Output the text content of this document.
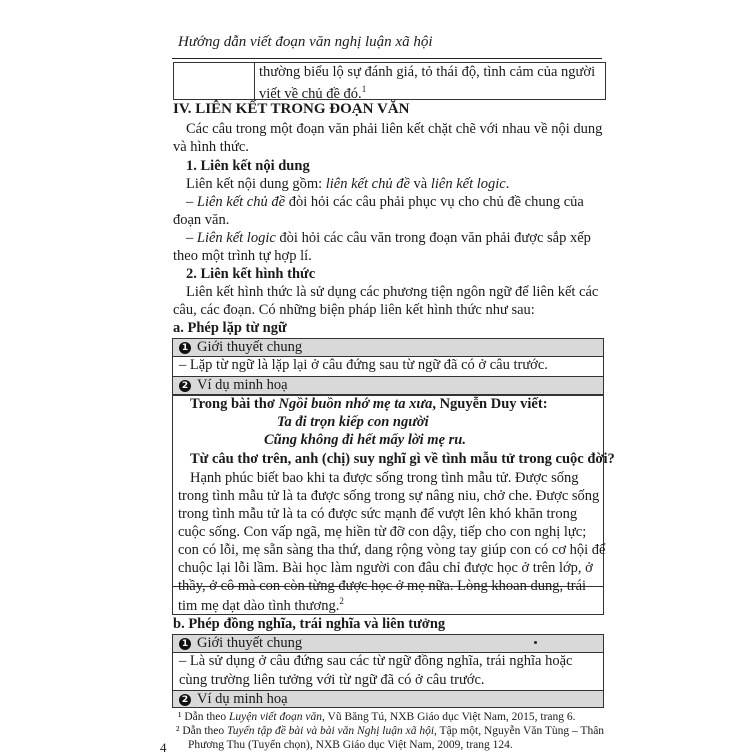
Hướng dẫn viết đoạn văn nghị luận xã hội
thường biểu lộ sự đánh giá, tỏ thái độ, tình cảm của người
viết về chủ đề đó.$^1$
IV. LIÊN KẾT TRONG ĐOẠN VĂN
Các câu trong một đoạn văn phải liên kết chặt chẽ với nhau về nội dung
và hình thức.
1. Liên kết nội dung
Liên kết nội dung gồm: liên kết chủ đề và liên kết logic.
– Liên kết chủ đề đòi hỏi các câu phải phục vụ cho chủ đề chung của
đoạn văn.
– Liên kết logic đòi hỏi các câu văn trong đoạn văn phải được sắp xếp
theo một trình tự hợp lí.
2. Liên kết hình thức
Liên kết hình thức là sử dụng các phương tiện ngôn ngữ để liên kết các
câu, các đoạn. Có những biện pháp liên kết hình thức như sau:
a. Phép lặp từ ngữ
1 Giới thuyết chung
– Lặp từ ngữ là lặp lại ở câu đứng sau từ ngữ đã có ở câu trước.
2 Ví dụ minh hoạ
Trong bài thơ Ngồi buồn nhớ mẹ ta xưa, Nguyễn Duy viết:
Ta đi trọn kiếp con người
Cũng không đi hết mấy lời mẹ ru.
Từ câu thơ trên, anh (chị) suy nghĩ gì về tình mẫu tử trong cuộc đời?
Hạnh phúc biết bao khi ta được sống trong tình mẫu tử. Được sống
trong tình mẫu tử là ta được sống trong sự nâng niu, chở che. Được sống
trong tình mẫu tử là ta có được sức mạnh để vượt lên khó khăn trong
cuộc sống. Con vấp ngã, mẹ hiền từ đỡ con dậy, tiếp cho con nghị lực;
con có lỗi, mẹ sẵn sàng tha thứ, dang rộng vòng tay giúp con có cơ hội để
chuộc lại lỗi lầm. Bài học làm người con đâu chỉ được học ở trên lớp, ở
thầy, ở cô mà con còn từng được học ở mẹ nữa. Lòng khoan dung, trái
tim mẹ dạt dào tình thương.$^2$
b. Phép đồng nghĩa, trái nghĩa và liên tưởng
1 Giới thuyết chung
– Là sử dụng ở câu đứng sau các từ ngữ đồng nghĩa, trái nghĩa hoặc
¹ Dẫn theo Luyện viết đoạn văn, Vũ Băng Tú, NXB Giáo dục Việt Nam, 2015, trang 6.
² Dẫn theo Tuyển tập đề bài và bài văn Nghị luận xã hội, Tập một, Nguyễn Văn Tùng – Thân
Phương Thu (Tuyển chọn), NXB Giáo dục Việt Nam, 2009, trang 124.
cùng trường liên tưởng với từ ngữ đã có ở câu trước.
2 Ví dụ minh hoạ
4
